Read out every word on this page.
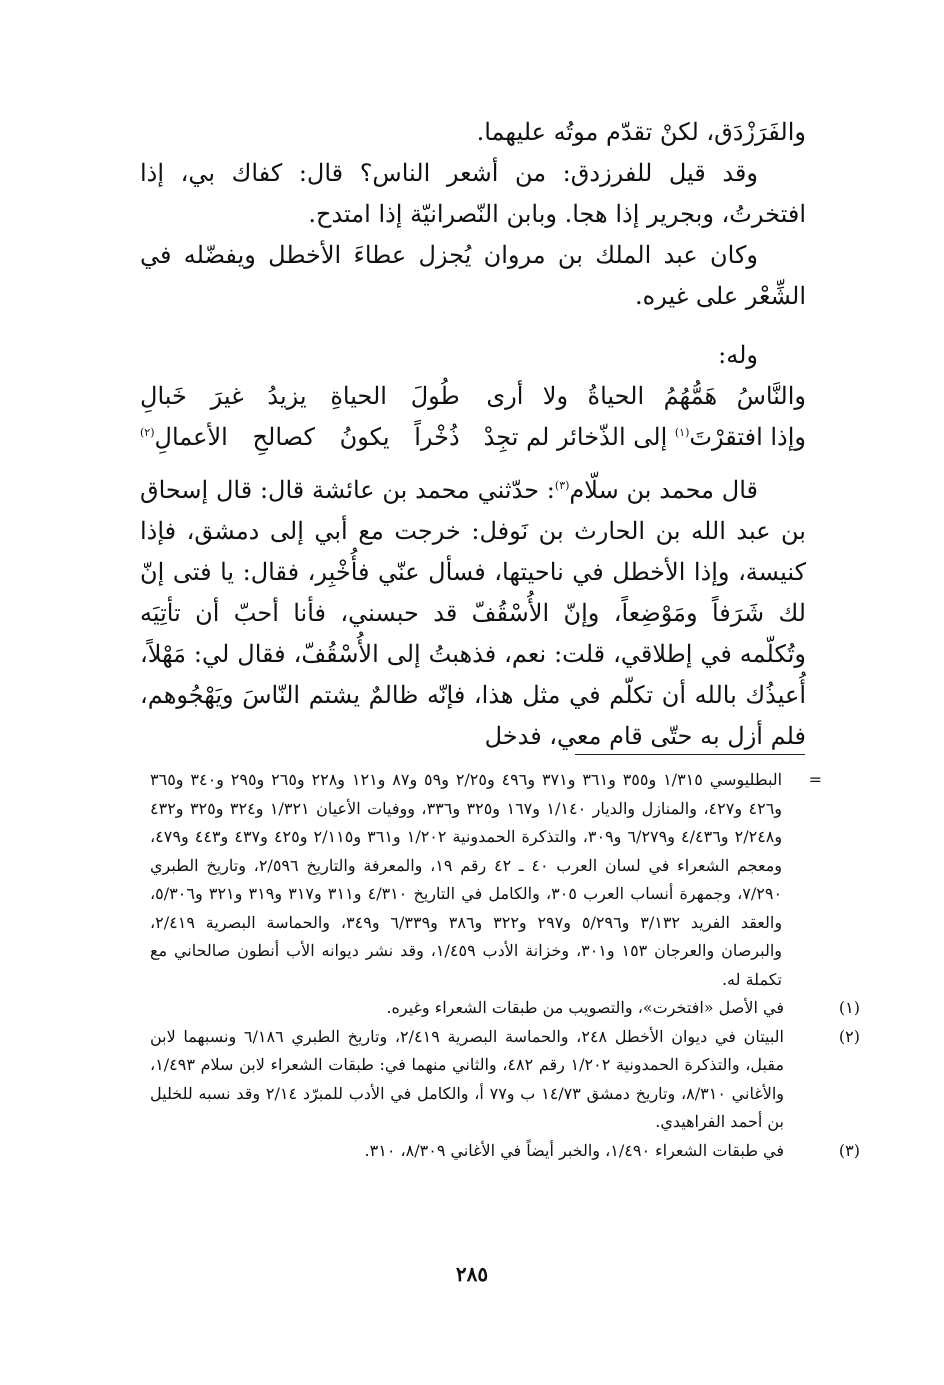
والفَرَزْدَق، لكنْ تقدّم موتُه عليهما.

وقد قيل للفرزدق: من أشعر الناس؟ قال: كفاك بي، إذا افتخرتُ، وبجرير إذا هجا. وبابن النّصرانيّة إذا امتدح.

وكان عبد الملك بن مروان يُجزل عطاءَ الأخطل ويفضّله في الشِّعْر على غيره.

وله:

والنَّاسُ هَمُّهُمُ الحياةُ ولا أرى
طُولَ الحياةِ يزيدُ غيرَ خَبالِ
وإذا افتقرْتَ$^{(١)}$ إلى الذّخائر لم تجِدْ
ذُخْراً يكونُ كصالحِ الأعمالِ$^{(٢)}$

قال محمد بن سلّام$^{(٣)}$: حدّثني محمد بن عائشة قال: قال إسحاق بن عبد الله بن الحارث بن نَوفل: خرجت مع أبي إلى دمشق، فإذا كنيسة، وإذا الأخطل في ناحيتها، فسأل عنّي فأُخْبِر، فقال: يا فتى إنّ لك شَرَفاً ومَوْضِعاً، وإنّ الأُسْقُفّ قد حبسني، فأنا أحبّ أن تأتِيَه وتُكلّمه في إطلاقي، قلت: نعم، فذهبتُ إلى الأُسْقُفّ، فقال لي: مَهْلاً، أُعيذُك بالله أن تكلّم في مثل هذا، فإنّه ظالمٌ يشتم النّاسَ ويَهْجُوهم، فلم أزل به حتّى قام معي، فدخل

=
البطليوسي ١/٣١٥ و٣٥٥ و٣٦١ و٣٧١ و٤٩٦ و٢/٢٥ و٥٩ و٨٧ و١٢١ و٢٢٨ و٢٦٥ و٢٩٥ و٣٤٠ و٣٦٥ و٤٢٦ و٤٢٧، والمنازل والديار ١/١٤٠ و١٦٧ و٣٢٥ و٣٣٦، ووفيات الأعيان ١/٣٢١ و٣٢٤ و٣٢٥ و٤٣٢ و٢/٢٤٨ و٤/٤٣٦ و٦/٢٧٩ و٣٠٩، والتذكرة الحمدونية ١/٢٠٢ و٣٦١ و٢/١١٥ و٤٢٥ و٤٣٧ و٤٤٣ و٤٧٩، ومعجم الشعراء في لسان العرب ٤٠ ـ ٤٢ رقم ١٩، والمعرفة والتاريخ ٢/٥٩٦، وتاريخ الطبري ٧/٢٩٠، وجمهرة أنساب العرب ٣٠٥، والكامل في التاريخ ٤/٣١٠ و٣١١ و٣١٧ و٣١٩ و٣٢١ و٥/٣٠٦، والعقد الفريد ٣/١٣٢ و٥/٢٩٦ و٢٩٧ و٣٢٢ و٣٨٦ و٦/٣٣٩ و٣٤٩، والحماسة البصرية ٢/٤١٩، والبرصان والعرجان ١٥٣ و٣٠١، وخزانة الأدب ١/٤٥٩، وقد نشر ديوانه الأب أنطون صالحاني مع تكملة له.

(١)في الأصل «افتخرت»، والتصويب من طبقات الشعراء وغيره.

(٢)البيتان في ديوان الأخطل ٢٤٨، والحماسة البصرية ٢/٤١٩، وتاريخ الطبري ٦/١٨٦ ونسبهما لابن مقبل، والتذكرة الحمدونية ١/٢٠٢ رقم ٤٨٢، والثاني منهما في: طبقات الشعراء لابن سلام ١/٤٩٣، والأغاني ٨/٣١٠، وتاريخ دمشق ١٤/٧٣ ب و٧٧ أ، والكامل في الأدب للمبرّد ٢/١٤ وقد نسبه للخليل بن أحمد الفراهيدي.

(٣)في طبقات الشعراء ١/٤٩٠، والخبر أيضاً في الأغاني ٨/٣٠٩، ٣١٠.

٢٨٥
